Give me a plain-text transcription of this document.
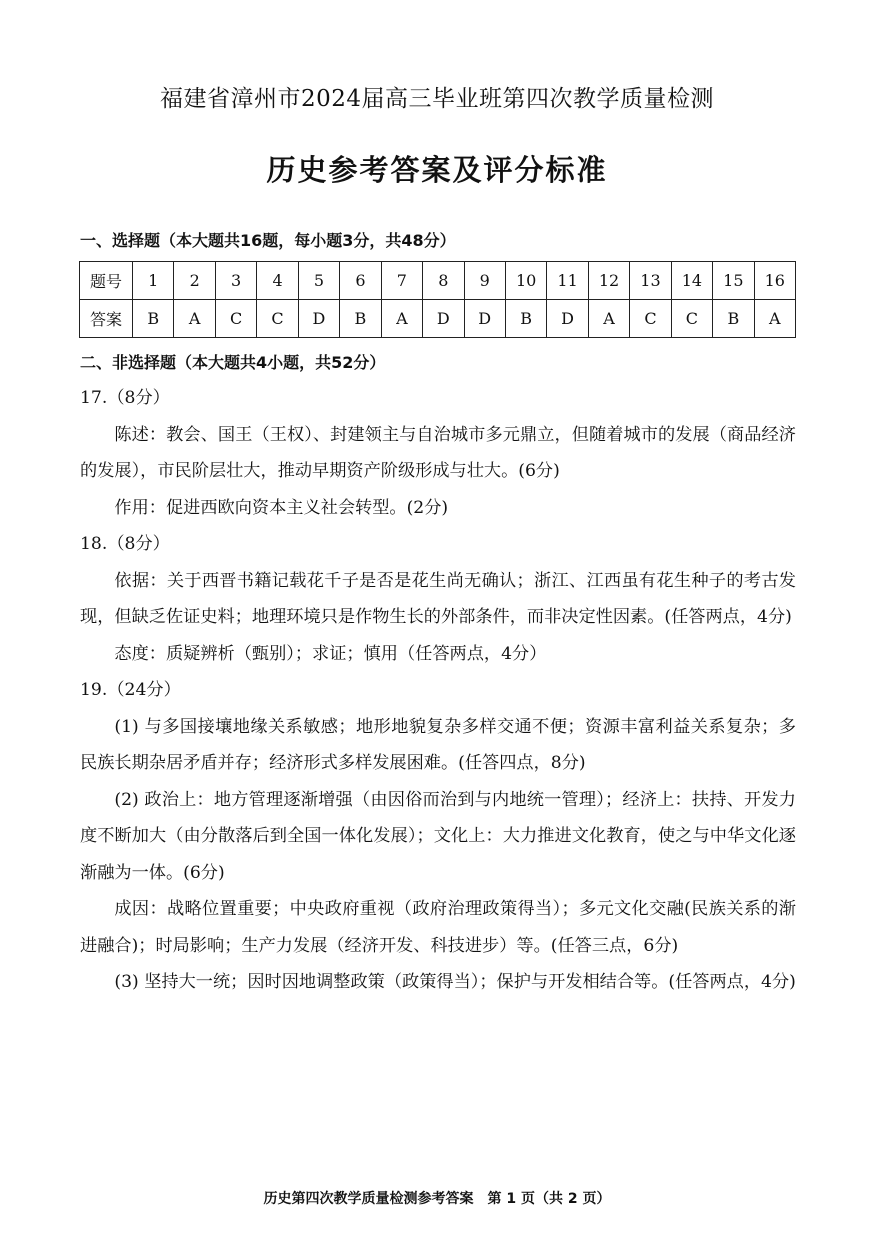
福建省漳州市2024届高三毕业班第四次教学质量检测
历史参考答案及评分标准
一、选择题（本大题共16题，每小题3分，共48分）
题号	1	2	3	4	5	6	7	8	9	10	11	12	13	14	15	16
答案	B	A	C	C	D	B	A	D	D	B	D	A	C	C	B	A
二、非选择题（本大题共4小题，共52分）

17.（8分）

陈述：教会、国王（王权）、封建领主与自治城市多元鼎立，但随着城市的发展（商品经济的发展），市民阶层壮大，推动早期资产阶级形成与壮大。(6分)

作用：促进西欧向资本主义社会转型。(2分)

18.（8分）

依据：关于西晋书籍记载花千子是否是花生尚无确认；浙江、江西虽有花生种子的考古发现，但缺乏佐证史料；地理环境只是作物生长的外部条件，而非决定性因素。(任答两点，4分)

态度：质疑辨析（甄别）；求证；慎用（任答两点，4分）

19.（24分）

(1) 与多国接壤地缘关系敏感；地形地貌复杂多样交通不便；资源丰富利益关系复杂；多民族长期杂居矛盾并存；经济形式多样发展困难。(任答四点，8分)

(2) 政治上：地方管理逐渐增强（由因俗而治到与内地统一管理）；经济上：扶持、开发力度不断加大（由分散落后到全国一体化发展）；文化上：大力推进文化教育，使之与中华文化逐渐融为一体。(6分)

成因：战略位置重要；中央政府重视（政府治理政策得当）；多元文化交融(民族关系的渐进融合)；时局影响；生产力发展（经济开发、科技进步）等。(任答三点，6分)

(3) 坚持大一统；因时因地调整政策（政策得当）；保护与开发相结合等。(任答两点，4分)

历史第四次教学质量检测参考答案　第 1 页（共 2 页）
